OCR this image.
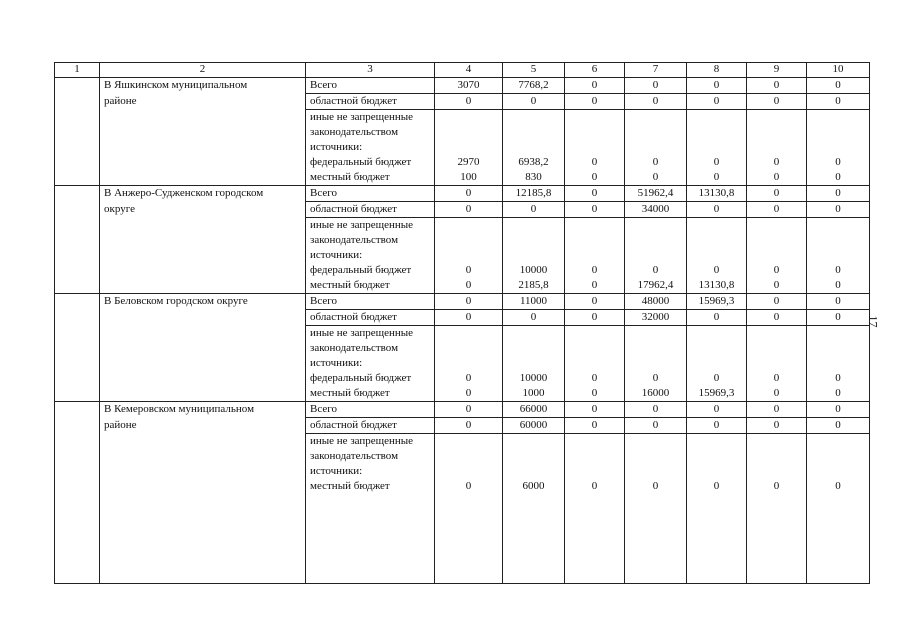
1	2	3	4	5	6	7	8	9	10
	В Яшкинском муниципальном	Всего	3070	7768,2	0	0	0	0	0
	районе	областной бюджет	0	0	0	0	0	0	0
		иные не запрещенные							
		законодательством							
		источники:							
		федеральный бюджет	2970	6938,2	0	0	0	0	0
		местный бюджет	100	830	0	0	0	0	0
	В Анжеро-Судженском городском	Всего	0	12185,8	0	51962,4	13130,8	0	0
	округе	областной бюджет	0	0	0	34000	0	0	0
		иные не запрещенные							
		законодательством							
		источники:							
		федеральный бюджет	0	10000	0	0	0	0	0
		местный бюджет	0	2185,8	0	17962,4	13130,8	0	0
	В Беловском городском округе	Всего	0	11000	0	48000	15969,3	0	0
		областной бюджет	0	0	0	32000	0	0	0
		иные не запрещенные							
		законодательством							
		источники:							
		федеральный бюджет	0	10000	0	0	0	0	0
		местный бюджет	0	1000	0	16000	15969,3	0	0
	В Кемеровском муниципальном	Всего	0	66000	0	0	0	0	0
	районе	областной бюджет	0	60000	0	0	0	0	0
		иные не запрещенные							
		законодательством							
		источники:							
		местный бюджет	0	6000	0	0	0	0	0

17
